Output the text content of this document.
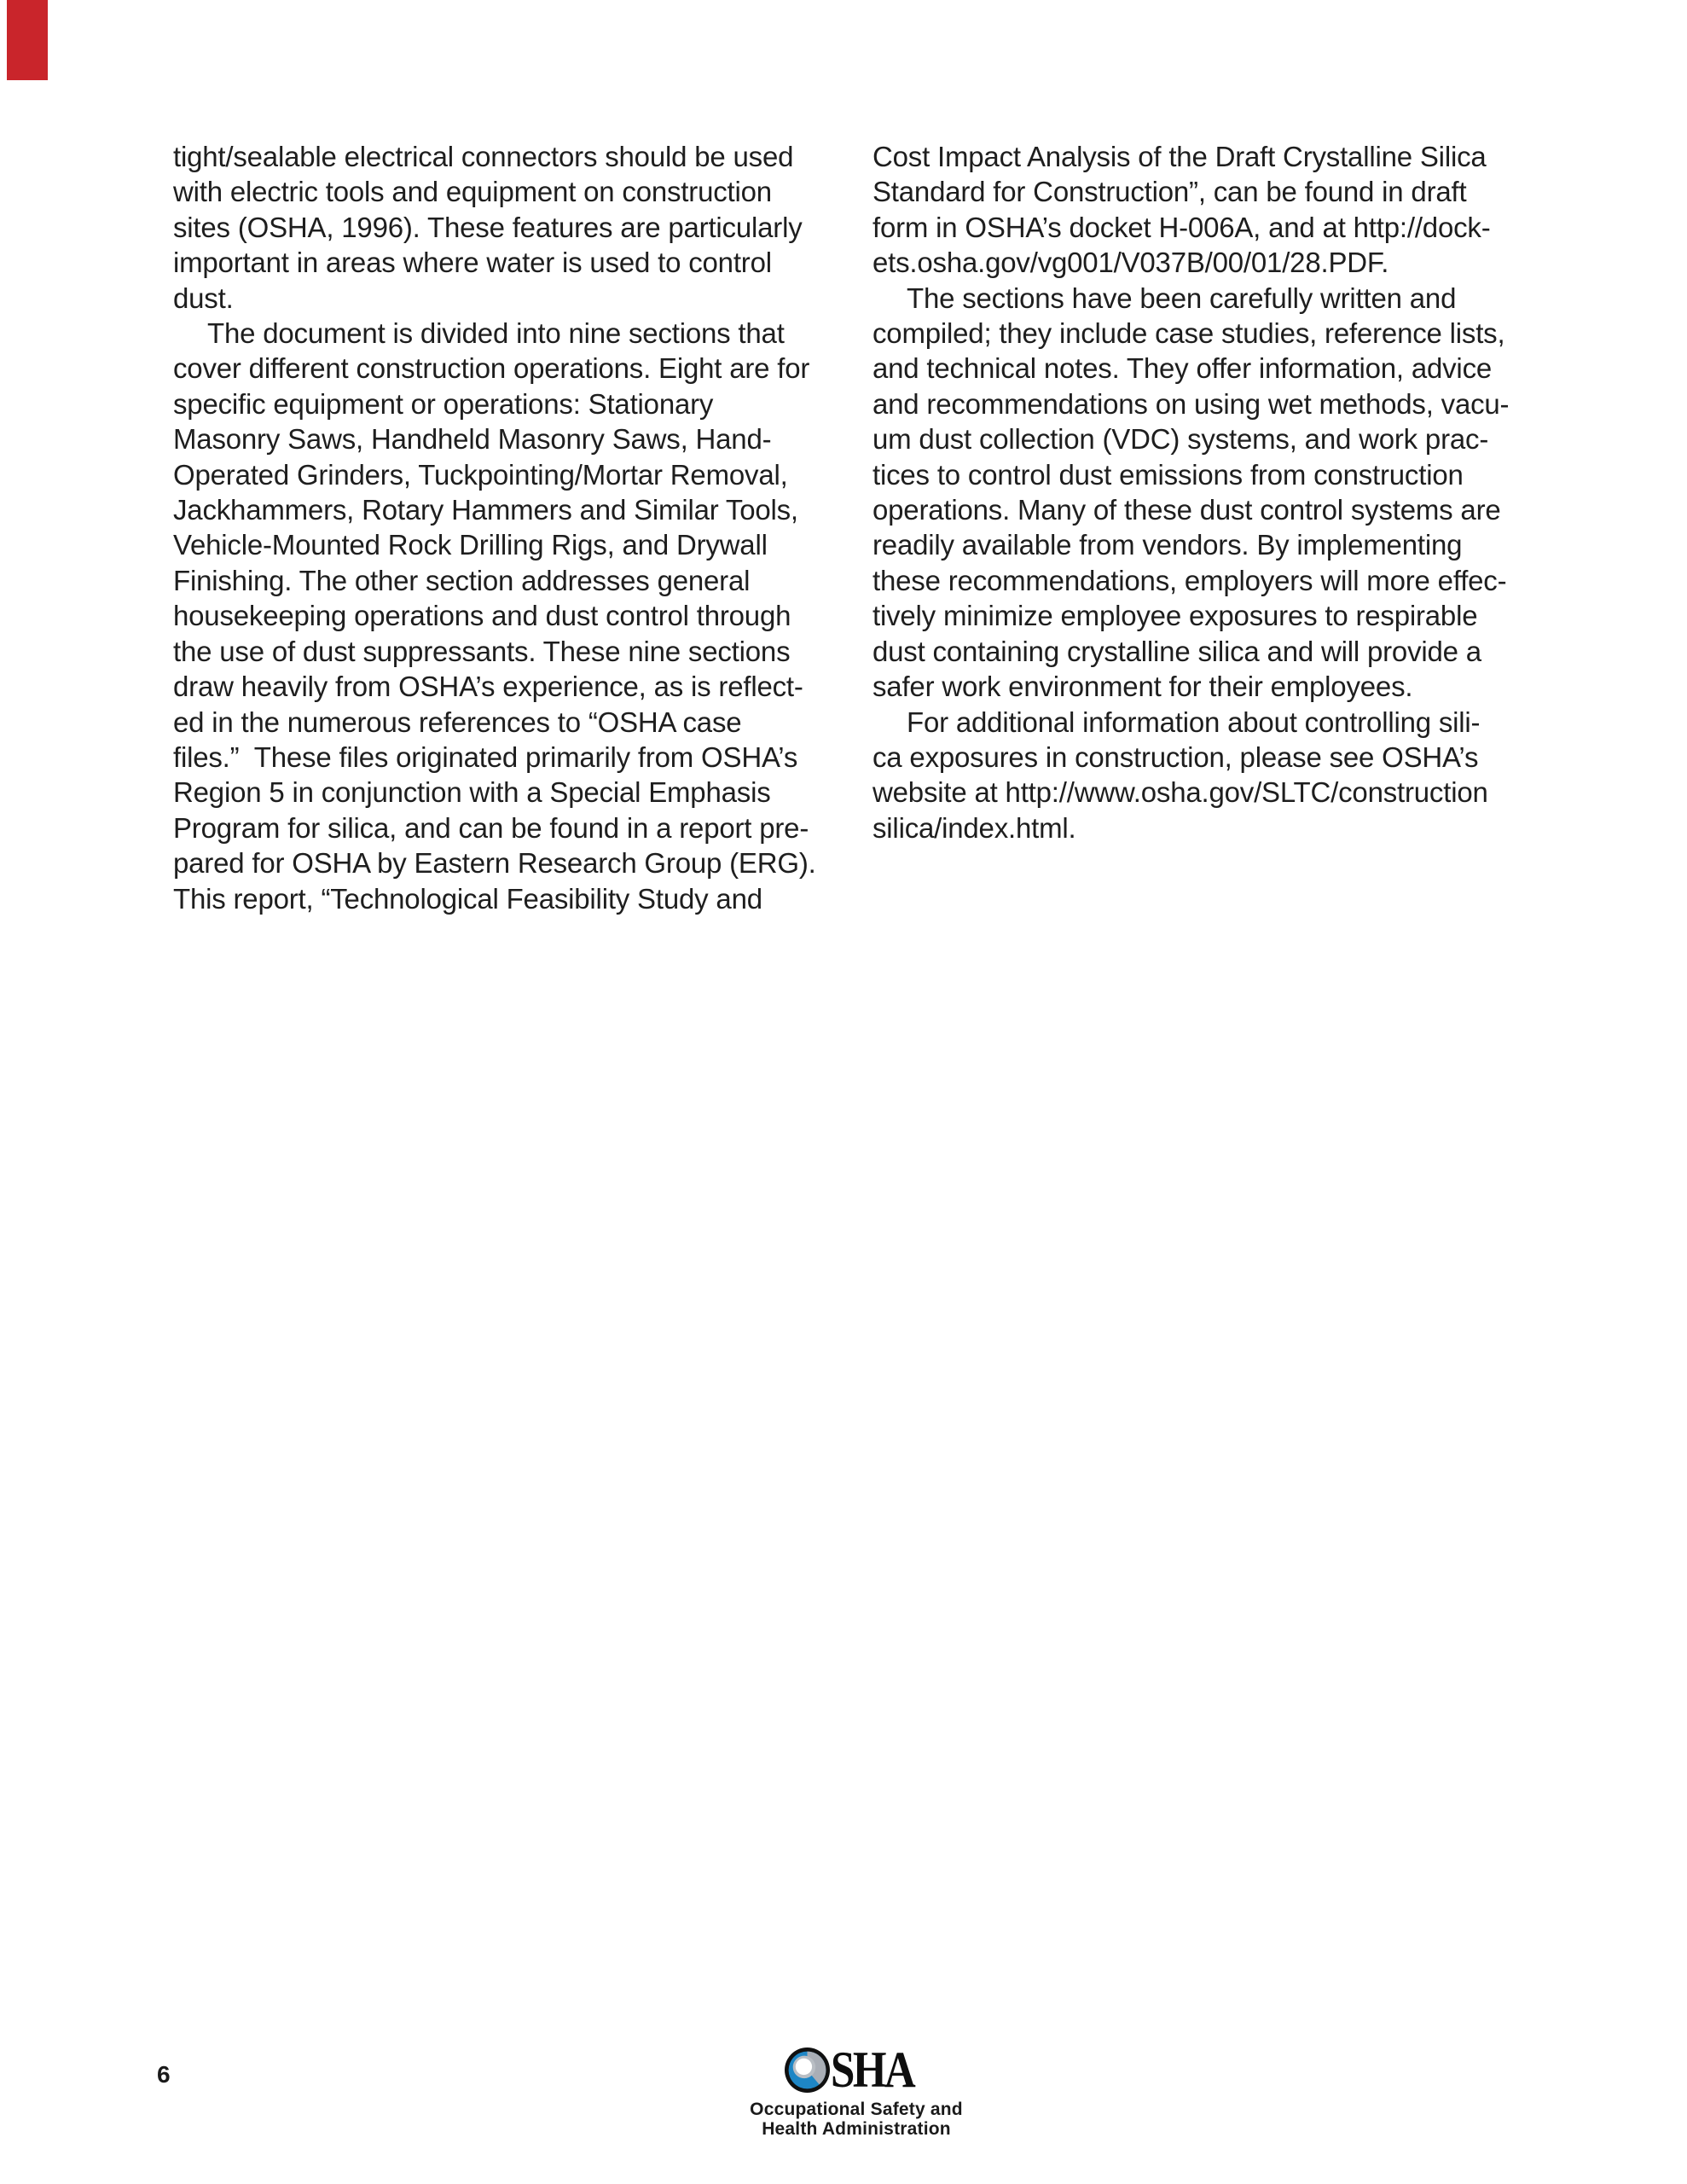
tight/sealable electrical connectors should be used
with electric tools and equipment on construction
sites (OSHA, 1996). These features are particularly
important in areas where water is used to control
dust.
The document is divided into nine sections that
cover different construction operations. Eight are for
specific equipment or operations: Stationary
Masonry Saws, Handheld Masonry Saws, Hand-
Operated Grinders, Tuckpointing/Mortar Removal,
Jackhammers, Rotary Hammers and Similar Tools,
Vehicle-Mounted Rock Drilling Rigs, and Drywall
Finishing. The other section addresses general
housekeeping operations and dust control through
the use of dust suppressants. These nine sections
draw heavily from OSHA’s experience, as is reflect-
ed in the numerous references to “OSHA case
files.”  These files originated primarily from OSHA’s
Region 5 in conjunction with a Special Emphasis
Program for silica, and can be found in a report pre-
pared for OSHA by Eastern Research Group (ERG).
This report, “Technological Feasibility Study and
Cost Impact Analysis of the Draft Crystalline Silica
Standard for Construction”, can be found in draft
form in OSHA’s docket H-006A, and at http://dock-
ets.osha.gov/vg001/V037B/00/01/28.PDF.
The sections have been carefully written and
compiled; they include case studies, reference lists,
and technical notes. They offer information, advice
and recommendations on using wet methods, vacu-
um dust collection (VDC) systems, and work prac-
tices to control dust emissions from construction
operations. Many of these dust control systems are
readily available from vendors. By implementing
these recommendations, employers will more effec-
tively minimize employee exposures to respirable
dust containing crystalline silica and will provide a
safer work environment for their employees.
For additional information about controlling sili-
ca exposures in construction, please see OSHA’s
website at http://www.osha.gov/SLTC/construction
silica/index.html.
6	SHA
Occupational Safety and
Health Administration
